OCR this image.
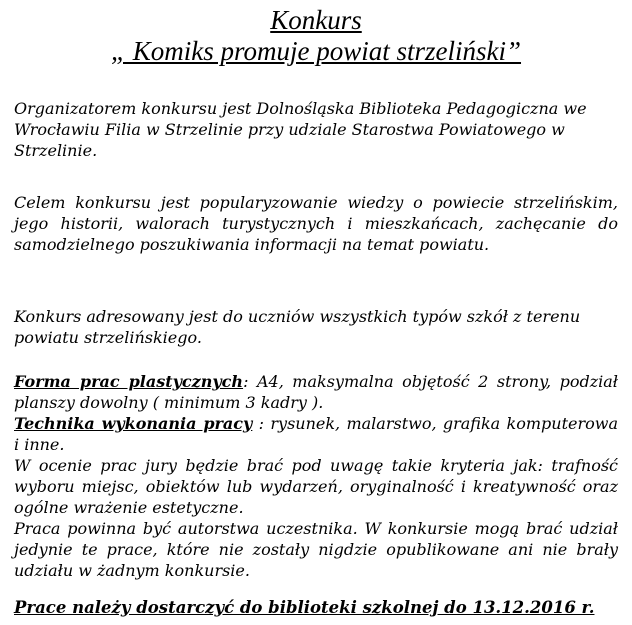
Konkurs
„ Komiks promuje powiat strzeliński”

Organizatorem konkursu jest Dolnośląska Biblioteka Pedagogiczna we Wrocławiu Filia w Strzelinie przy udziale Starostwa Powiatowego w Strzelinie.

Celem konkursu jest popularyzowanie wiedzy o powiecie strzelińskim, jego historii, walorach turystycznych i mieszkańcach, zachęcanie do samodzielnego poszukiwania informacji na temat powiatu.

Konkurs adresowany jest do uczniów wszystkich typów szkół z terenu powiatu strzelińskiego.

Forma prac plastycznych: A4, maksymalna objętość 2 strony, podział planszy dowolny ( minimum 3 kadry ).
Technika wykonania pracy : rysunek, malarstwo, grafika komputerowa i inne.
W ocenie prac jury będzie brać pod uwagę takie kryteria jak: trafność wyboru miejsc, obiektów lub wydarzeń, oryginalność i kreatywność oraz ogólne wrażenie estetyczne.
Praca powinna być autorstwa uczestnika. W konkursie mogą brać udział jedynie te prace, które nie zostały nigdzie opublikowane ani nie brały udziału w żadnym konkursie.
Prace należy dostarczyć do biblioteki szkolnej do 13.12.2016 r.
